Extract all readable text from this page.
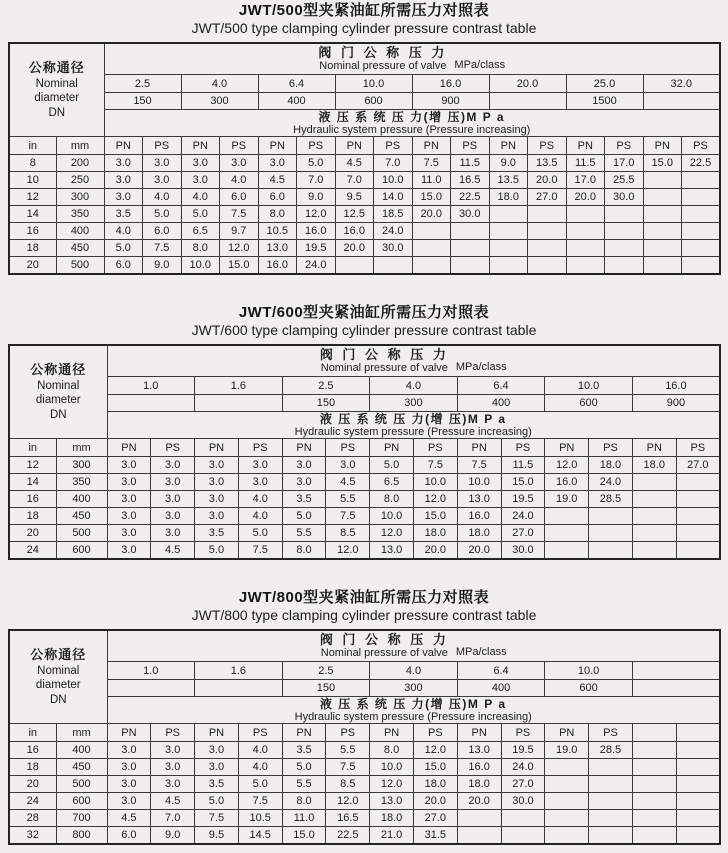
JWT/500型夹紧油缸所需压力对照表
JWT/500 type clamping cylinder pressure contrast table
公称通径
Nominal
diameter
DN

阀 门 公 称 压 力
Nominal pressure of valve MPa/class

		2.5		4.0		6.4		10.0		16.0		20.0		25.0		32.0	
		150		300		400		600		900				1500			

		液 压 系 统 压 力(增 压)M P a
Hydraulic system pressure (Pressure increasing)															

in	mm	PN	PS	PN	PS	PN	PS	PN	PS	PN	PS	PN	PS	PN	PS	PN	PS
8	200	3.0	3.0	3.0	3.0	3.0	5.0	4.5	7.0	7.5	11.5	9.0	13.5	11.5	17.0	15.0	22.5
10	250	3.0	3.0	3.0	4.0	4.5	7.0	7.0	10.0	11.0	16.5	13.5	20.0	17.0	25.5		
12	300	3.0	4.0	4.0	6.0	6.0	9.0	9.5	14.0	15.0	22.5	18.0	27.0	20.0	30.0		
14	350	3.5	5.0	5.0	7.5	8.0	12.0	12.5	18.5	20.0	30.0						
16	400	4.0	6.0	6.5	9.7	10.5	16.0	16.0	24.0								
18	450	5.0	7.5	8.0	12.0	13.0	19.5	20.0	30.0								
20	500	6.0	9.0	10.0	15.0	16.0	24.0										
JWT/600型夹紧油缸所需压力对照表
JWT/600 type clamping cylinder pressure contrast table
公称通径
Nominal
diameter
DN

阀 门 公 称 压 力
Nominal pressure of valve MPa/class

		1.0		1.6		2.5		4.0		6.4		10.0		16.0	
						150		300		400		600		900	

		液 压 系 统 压 力(增 压)M P a
Hydraulic system pressure (Pressure increasing)													

in	mm	PN	PS	PN	PS	PN	PS	PN	PS	PN	PS	PN	PS	PN	PS
12	300	3.0	3.0	3.0	3.0	3.0	3.0	5.0	7.5	7.5	11.5	12.0	18.0	18.0	27.0
14	350	3.0	3.0	3.0	3.0	3.0	4.5	6.5	10.0	10.0	15.0	16.0	24.0		
16	400	3.0	3.0	3.0	4.0	3.5	5.5	8.0	12.0	13.0	19.5	19.0	28.5		
18	450	3.0	3.0	3.0	4.0	5.0	7.5	10.0	15.0	16.0	24.0				
20	500	3.0	3.0	3.5	5.0	5.5	8.5	12.0	18.0	18.0	27.0				
24	600	3.0	4.5	5.0	7.5	8.0	12.0	13.0	20.0	20.0	30.0				
JWT/800型夹紧油缸所需压力对照表
JWT/800 type clamping cylinder pressure contrast table
公称通径
Nominal
diameter
DN

阀 门 公 称 压 力
Nominal pressure of valve MPa/class

		1.0		1.6		2.5		4.0		6.4		10.0			
						150		300		400		600			

		液 压 系 统 压 力(增 压)M P a
Hydraulic system pressure (Pressure increasing)													

in	mm	PN	PS	PN	PS	PN	PS	PN	PS	PN	PS	PN	PS		
16	400	3.0	3.0	3.0	4.0	3.5	5.5	8.0	12.0	13.0	19.5	19.0	28.5		
18	450	3.0	3.0	3.0	4.0	5.0	7.5	10.0	15.0	16.0	24.0				
20	500	3.0	3.0	3.5	5.0	5.5	8.5	12.0	18.0	18.0	27.0				
24	600	3.0	4.5	5.0	7.5	8.0	12.0	13.0	20.0	20.0	30.0				
28	700	4.5	7.0	7.5	10.5	11.0	16.5	18.0	27.0						
32	800	6.0	9.0	9.5	14.5	15.0	22.5	21.0	31.5						
